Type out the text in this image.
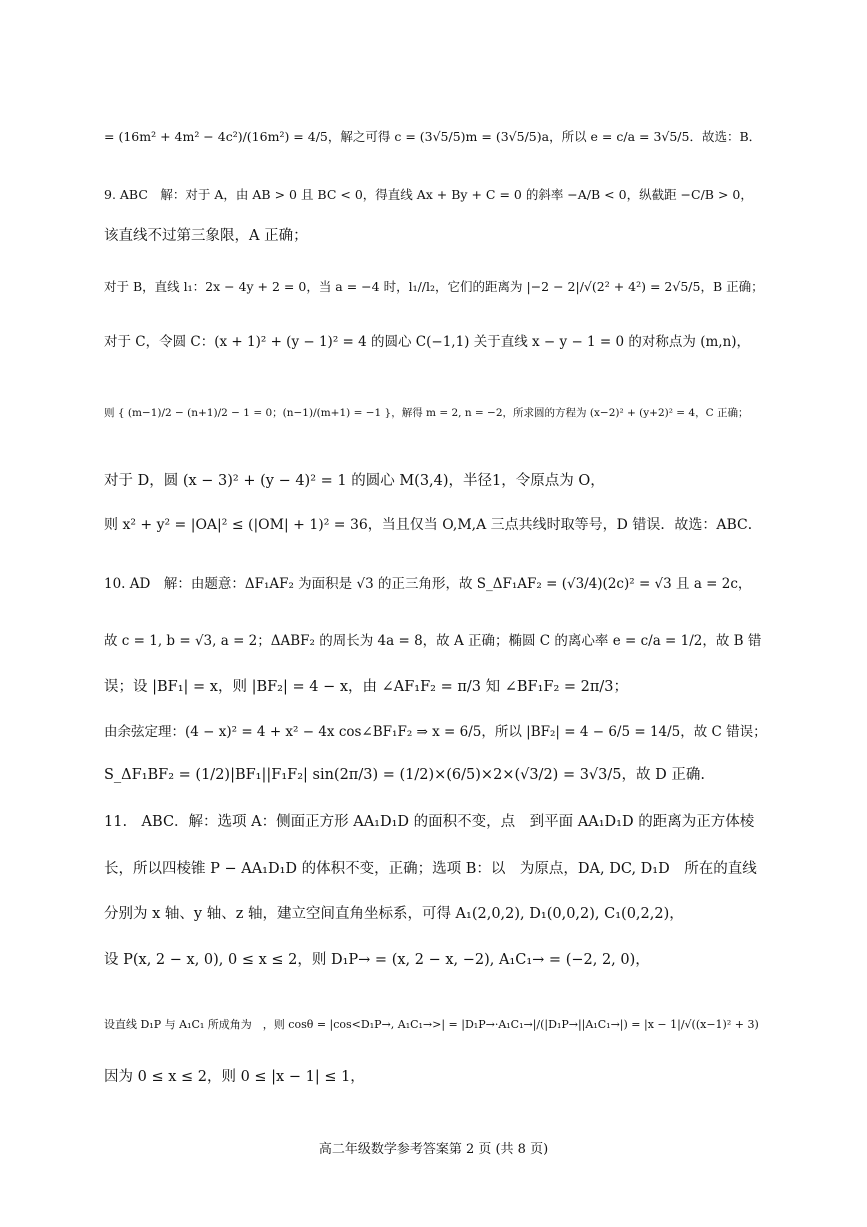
= (16m² + 4m² − 4c²)/(16m²) = 4/5，解之可得 c = (3√5/5)m = (3√5/5)a，所以 e = c/a = 3√5/5．故选：B．
9. ABC　解：对于 A，由 AB > 0 且 BC < 0，得直线 Ax + By + C = 0 的斜率 −A/B < 0，纵截距 −C/B > 0，
该直线不过第三象限，A 正确；
对于 B，直线 l₁：2x − 4y + 2 = 0，当 a = −4 时，l₁//l₂，它们的距离为 |−2 − 2|/√(2² + 4²) = 2√5/5，B 正确；
对于 C，令圆 C：(x + 1)² + (y − 1)² = 4 的圆心 C(−1,1) 关于直线 x − y − 1 = 0 的对称点为 (m,n)，
则 { (m−1)/2 − (n+1)/2 − 1 = 0；(n−1)/(m+1) = −1 }，解得 m = 2, n = −2，所求圆的方程为 (x−2)² + (y+2)² = 4，C 正确；
对于 D，圆 (x − 3)² + (y − 4)² = 1 的圆心 M(3,4)，半径1，令原点为 O，
则 x² + y² = |OA|² ≤ (|OM| + 1)² = 36，当且仅当 O,M,A 三点共线时取等号，D 错误．故选：ABC．
10. AD　解：由题意：ΔF₁AF₂ 为面积是 √3 的正三角形，故 S_ΔF₁AF₂ = (√3/4)(2c)² = √3 且 a = 2c，
故 c = 1, b = √3, a = 2；ΔABF₂ 的周长为 4a = 8，故 A 正确；椭圆 C 的离心率 e = c/a = 1/2，故 B 错
误；设 |BF₁| = x，则 |BF₂| = 4 − x，由 ∠AF₁F₂ = π/3 知 ∠BF₁F₂ = 2π/3；
由余弦定理：(4 − x)² = 4 + x² − 4x cos∠BF₁F₂ ⇒ x = 6/5，所以 |BF₂| = 4 − 6/5 = 14/5，故 C 错误；
S_ΔF₁BF₂ = (1/2)|BF₁||F₁F₂| sin(2π/3) = (1/2)×(6/5)×2×(√3/2) = 3√3/5，故 D 正确.
11.　ABC．解：选项 A：侧面正方形 AA₁D₁D 的面积不变，点　到平面 AA₁D₁D 的距离为正方体棱
长，所以四棱锥 P − AA₁D₁D 的体积不变，正确；选项 B：以　为原点，DA, DC, D₁D　所在的直线
分别为 x 轴、y 轴、z 轴，建立空间直角坐标系，可得 A₁(2,0,2), D₁(0,0,2), C₁(0,2,2)，
设 P(x, 2 − x, 0), 0 ≤ x ≤ 2，则 D₁P→ = (x, 2 − x, −2), A₁C₁→ = (−2, 2, 0)，
设直线 D₁P 与 A₁C₁ 所成角为　，则 cosθ = |cos<D₁P→, A₁C₁→>| = |D₁P→·A₁C₁→|/(|D₁P→||A₁C₁→|) = |x − 1|/√((x−1)² + 3)
因为 0 ≤ x ≤ 2，则 0 ≤ |x − 1| ≤ 1，
高二年级数学参考答案第 2 页 (共 8 页)
